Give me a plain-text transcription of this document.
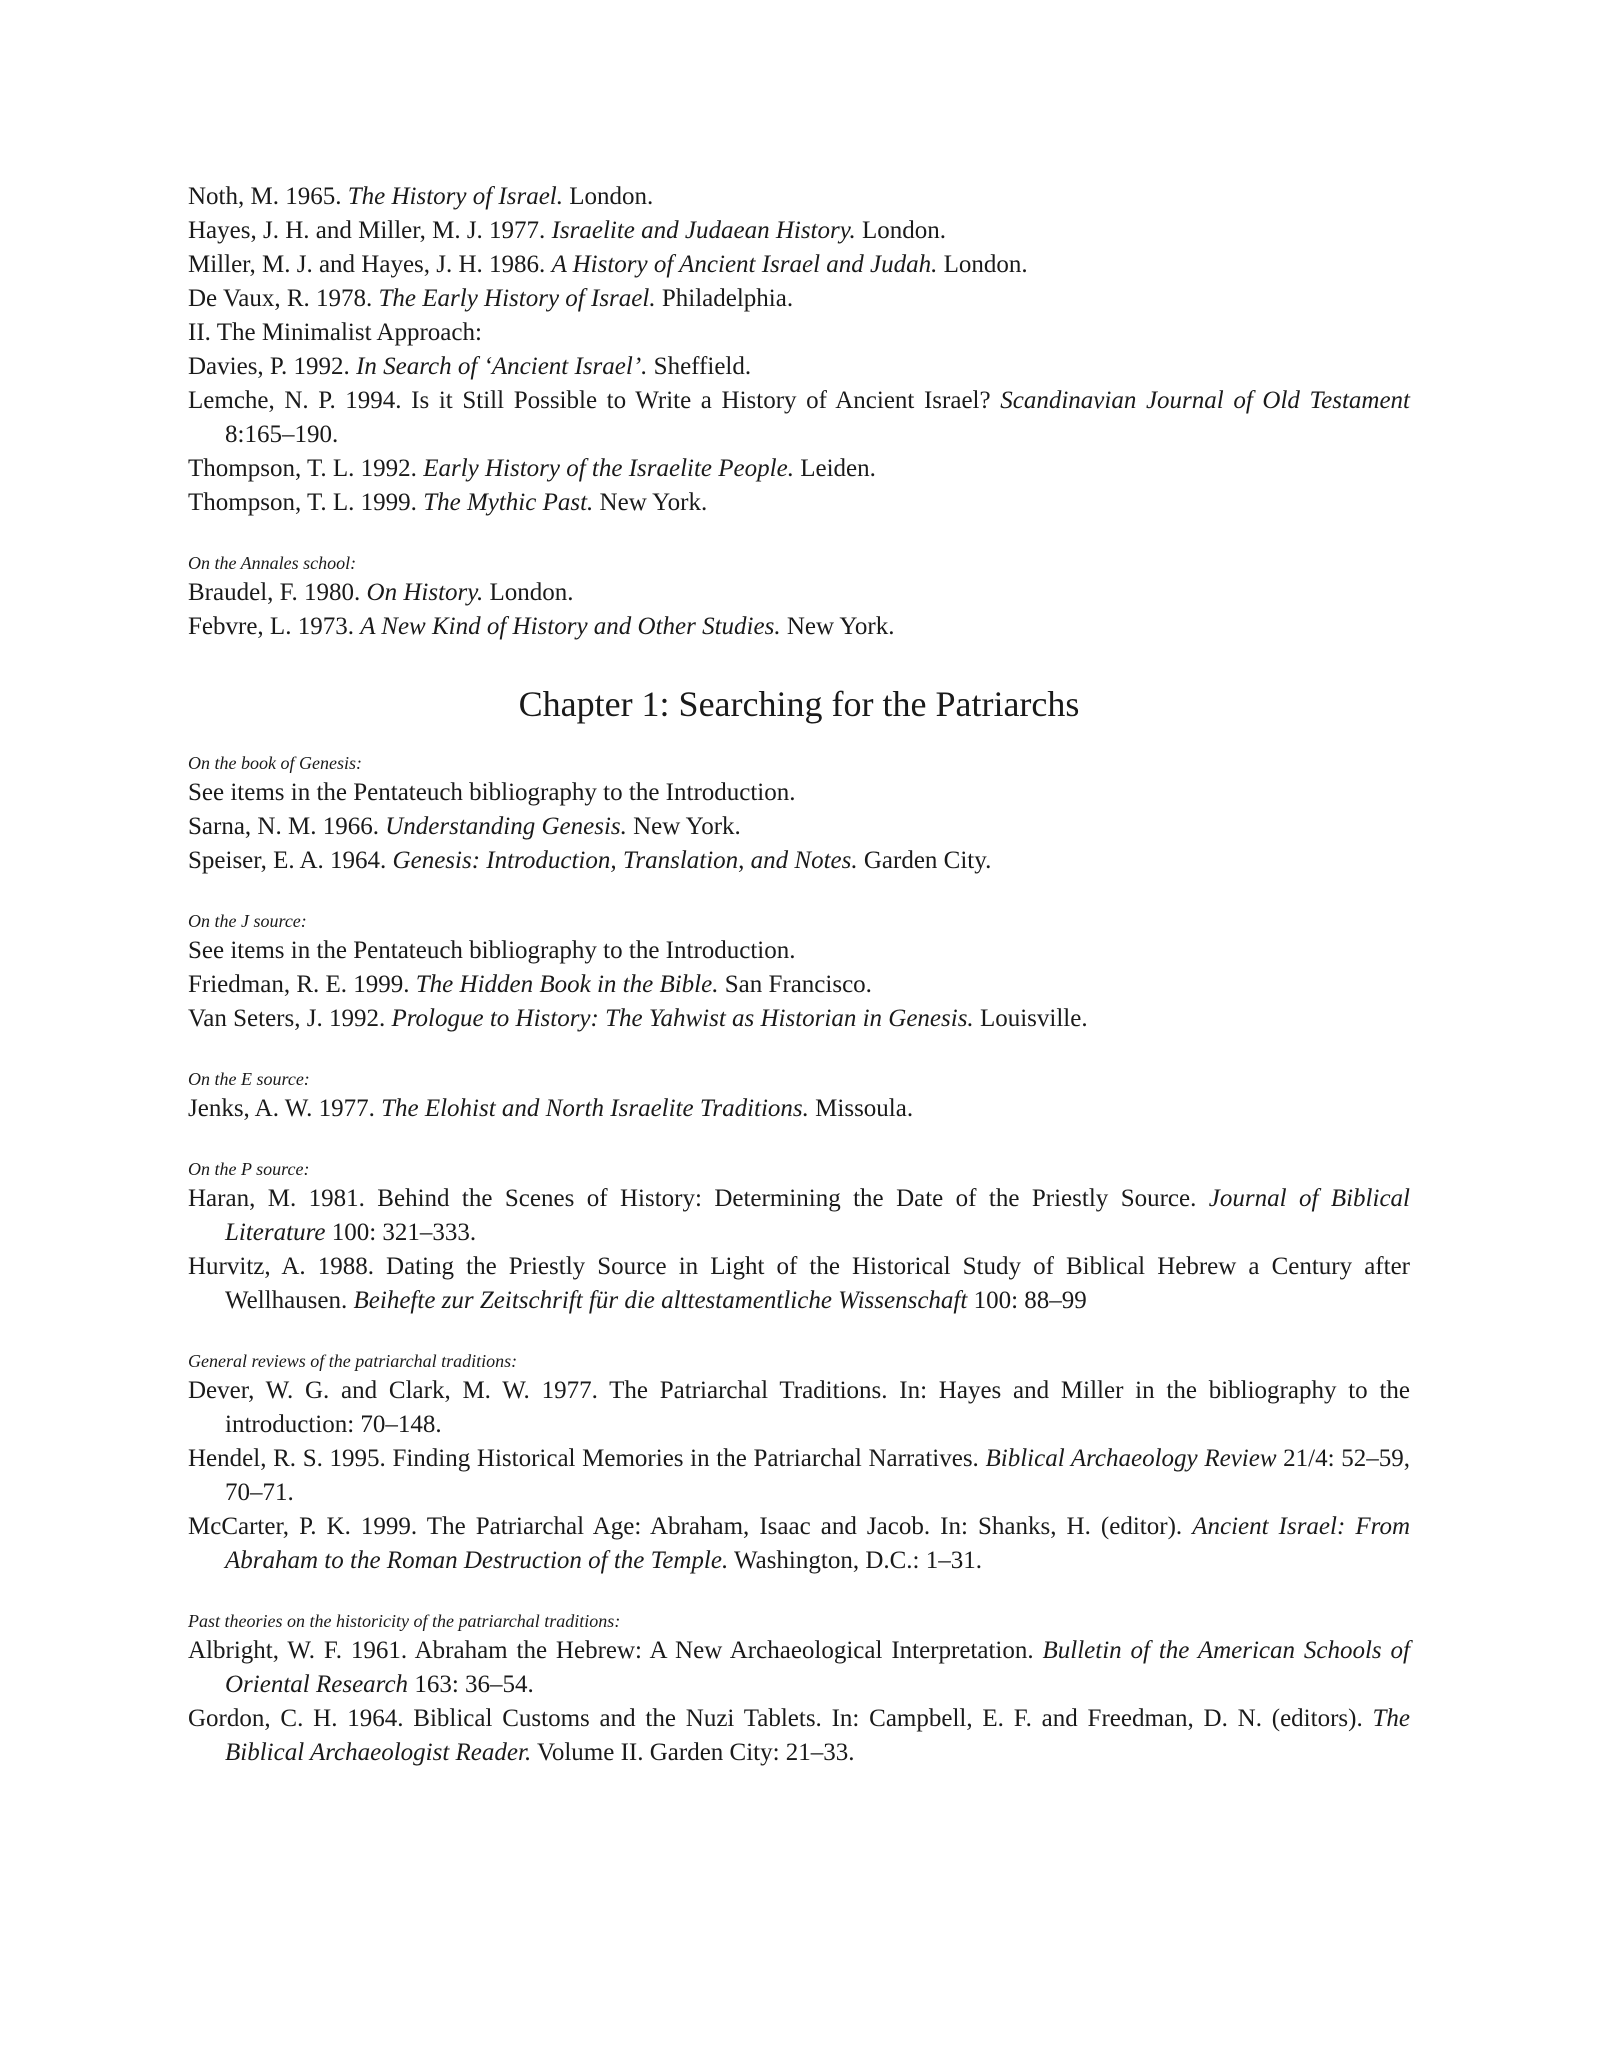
Noth, M. 1965. The History of Israel. London.
Hayes, J. H. and Miller, M. J. 1977. Israelite and Judaean History. London.
Miller, M. J. and Hayes, J. H. 1986. A History of Ancient Israel and Judah. London.
De Vaux, R. 1978. The Early History of Israel. Philadelphia.
II. The Minimalist Approach:
Davies, P. 1992. In Search of ‘Ancient Israel’. Sheffield.
Lemche, N. P. 1994. Is it Still Possible to Write a History of Ancient Israel? Scandinavian Journal of Old Testament 8:165–190.
Thompson, T. L. 1992. Early History of the Israelite People. Leiden.
Thompson, T. L. 1999. The Mythic Past. New York.
On the Annales school:
Braudel, F. 1980. On History. London.
Febvre, L. 1973. A New Kind of History and Other Studies. New York.
Chapter 1: Searching for the Patriarchs
On the book of Genesis:
See items in the Pentateuch bibliography to the Introduction.
Sarna, N. M. 1966. Understanding Genesis. New York.
Speiser, E. A. 1964. Genesis: Introduction, Translation, and Notes. Garden City.
On the J source:
See items in the Pentateuch bibliography to the Introduction.
Friedman, R. E. 1999. The Hidden Book in the Bible. San Francisco.
Van Seters, J. 1992. Prologue to History: The Yahwist as Historian in Genesis. Louisville.
On the E source:
Jenks, A. W. 1977. The Elohist and North Israelite Traditions. Missoula.
On the P source:
Haran, M. 1981. Behind the Scenes of History: Determining the Date of the Priestly Source. Journal of Biblical Literature 100: 321–333.
Hurvitz, A. 1988. Dating the Priestly Source in Light of the Historical Study of Biblical Hebrew a Century after Wellhausen. Beihefte zur Zeitschrift für die alttestamentliche Wissenschaft 100: 88–99
General reviews of the patriarchal traditions:
Dever, W. G. and Clark, M. W. 1977. The Patriarchal Traditions. In: Hayes and Miller in the bibliography to the introduction: 70–148.
Hendel, R. S. 1995. Finding Historical Memories in the Patriarchal Narratives. Biblical Archaeology Review 21/4: 52–59, 70–71.
McCarter, P. K. 1999. The Patriarchal Age: Abraham, Isaac and Jacob. In: Shanks, H. (editor). Ancient Israel: From Abraham to the Roman Destruction of the Temple. Washington, D.C.: 1–31.
Past theories on the historicity of the patriarchal traditions:
Albright, W. F. 1961. Abraham the Hebrew: A New Archaeological Interpretation. Bulletin of the American Schools of Oriental Research 163: 36–54.
Gordon, C. H. 1964. Biblical Customs and the Nuzi Tablets. In: Campbell, E. F. and Freedman, D. N. (editors). The Biblical Archaeologist Reader. Volume II. Garden City: 21–33.
